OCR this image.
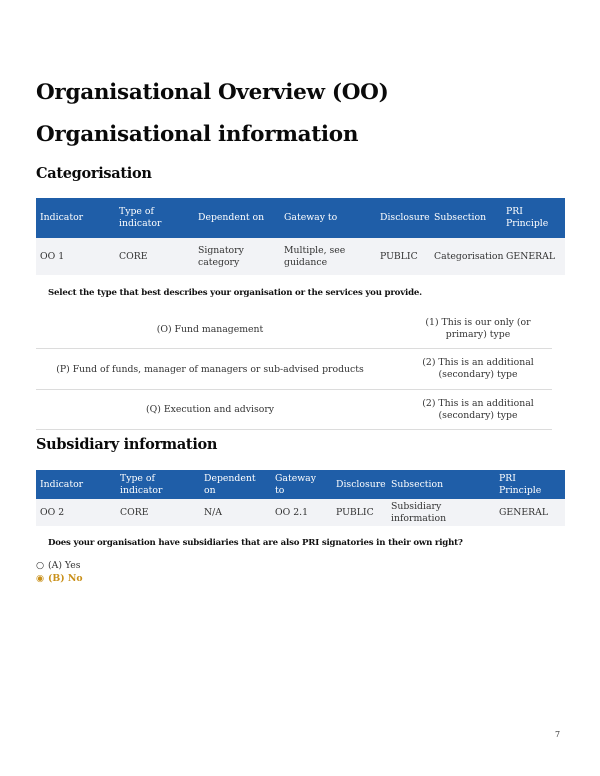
Organisational Overview (OO)
Organisational information
Categorisation
Indicator	Type of indicator	Dependent on	Gateway to	Disclosure	Subsection	PRI Principle
OO 1	CORE	Signatory category	Multiple, see guidance	PUBLIC	Categorisation	GENERAL
Select the type that best describes your organisation or the services you provide.
(O) Fund management
(1) This is our only (or primary) type
(P) Fund of funds, manager of managers or sub-advised products
(2) This is an additional (secondary) type
(Q) Execution and advisory
(2) This is an additional (secondary) type
Subsidiary information
Indicator	Type of indicator	Dependent on	Gateway to	Disclosure	Subsection	PRI Principle
OO 2	CORE	N/A	OO 2.1	PUBLIC	Subsidiary information	GENERAL
Does your organisation have subsidiaries that are also PRI signatories in their own right?
○ (A) Yes
◉ (B) No
7
